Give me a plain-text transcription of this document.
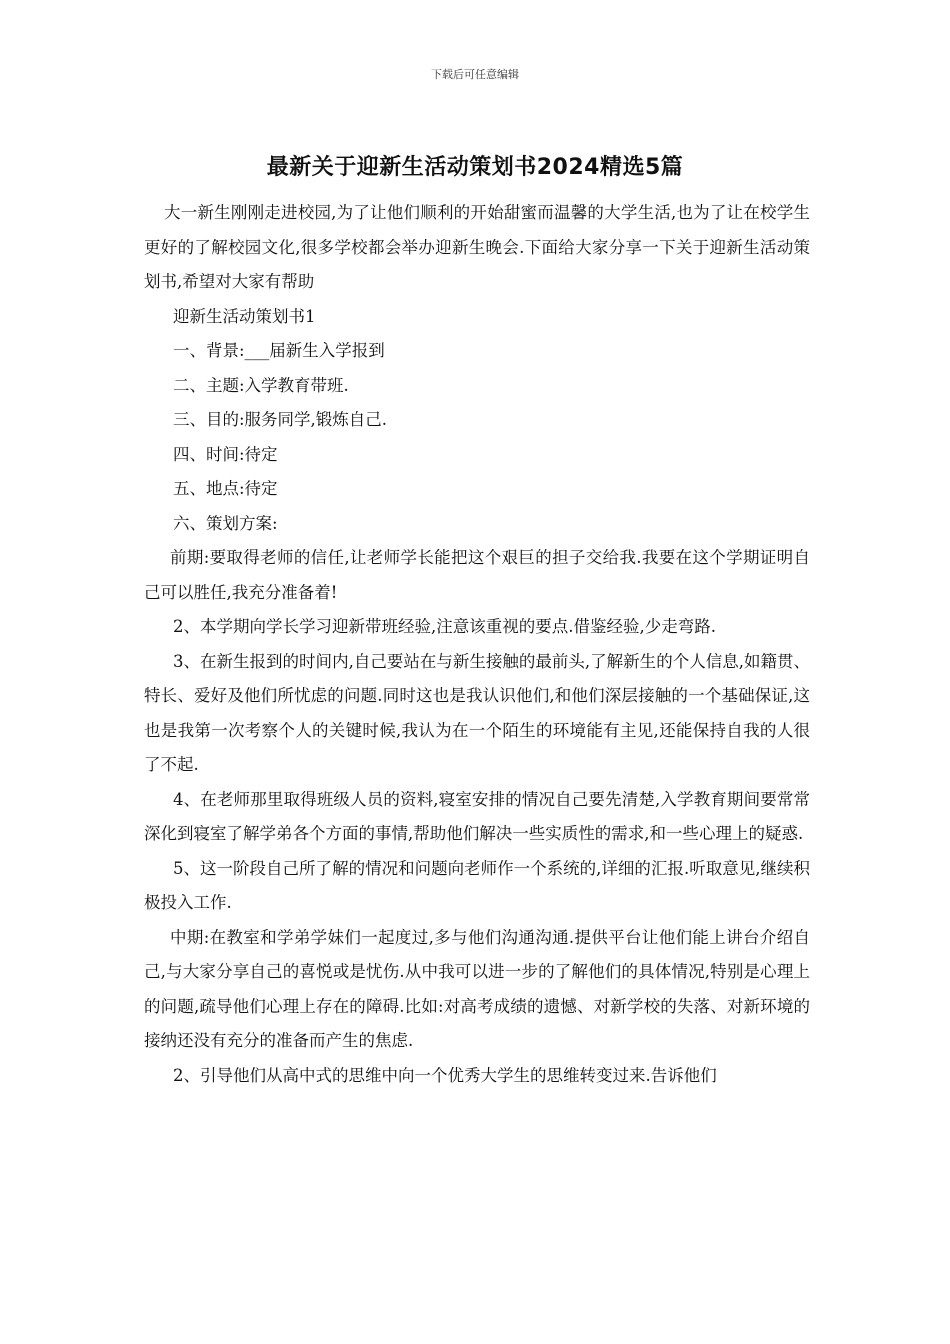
下载后可任意编辑
最新关于迎新生活动策划书2024精选5篇

大一新生刚刚走进校园,为了让他们顺利的开始甜蜜而温馨的大学生活,也为了让在校学生更好的了解校园文化,很多学校都会举办迎新生晚会.下面给大家分享一下关于迎新生活动策划书,希望对大家有帮助

迎新生活动策划书1

一、背景:___届新生入学报到

二、主题:入学教育带班.

三、目的:服务同学,锻炼自己.

四、时间:待定

五、地点:待定

六、策划方案:

前期:要取得老师的信任,让老师学长能把这个艰巨的担子交给我.我要在这个学期证明自己可以胜任,我充分准备着!

2、本学期向学长学习迎新带班经验,注意该重视的要点.借鉴经验,少走弯路.

3、在新生报到的时间内,自己要站在与新生接触的最前头,了解新生的个人信息,如籍贯、特长、爱好及他们所忧虑的问题.同时这也是我认识他们,和他们深层接触的一个基础保证,这也是我第一次考察个人的关键时候,我认为在一个陌生的环境能有主见,还能保持自我的人很了不起.

4、在老师那里取得班级人员的资料,寝室安排的情况自己要先清楚,入学教育期间要常常深化到寝室了解学弟各个方面的事情,帮助他们解决一些实质性的需求,和一些心理上的疑惑.

5、这一阶段自己所了解的情况和问题向老师作一个系统的,详细的汇报.听取意见,继续积极投入工作.

中期:在教室和学弟学妹们一起度过,多与他们沟通沟通.提供平台让他们能上讲台介绍自己,与大家分享自己的喜悦或是忧伤.从中我可以进一步的了解他们的具体情况,特别是心理上的问题,疏导他们心理上存在的障碍.比如:对高考成绩的遗憾、对新学校的失落、对新环境的接纳还没有充分的准备而产生的焦虑.

2、引导他们从高中式的思维中向一个优秀大学生的思维转变过来.告诉他们
